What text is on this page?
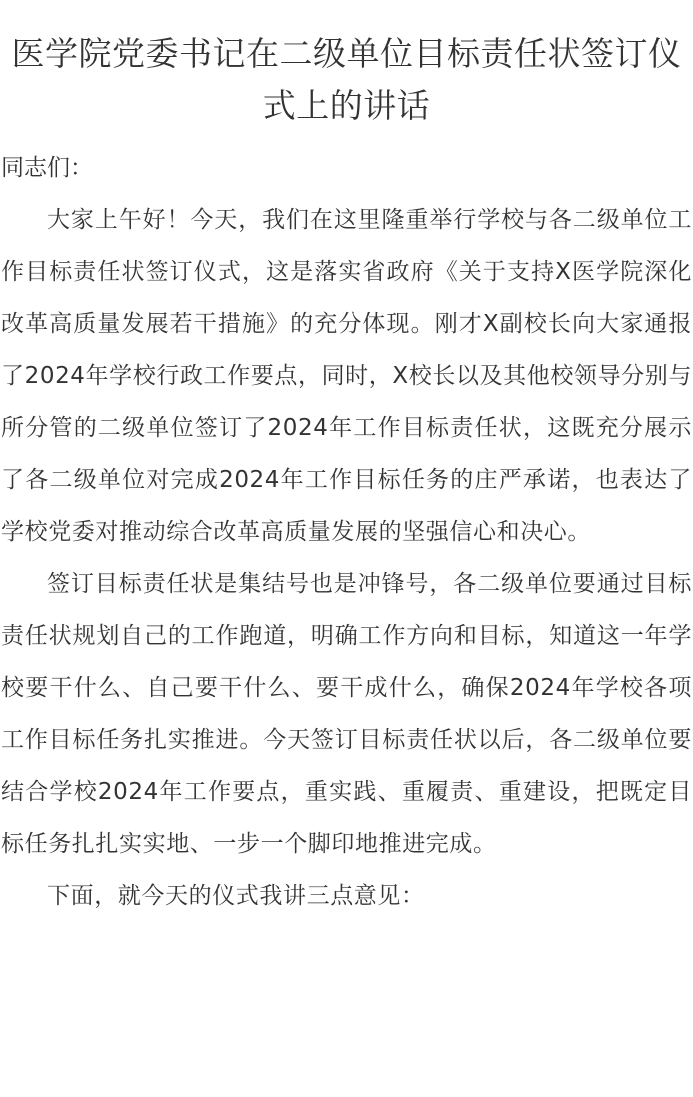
医学院党委书记在二级单位目标责任状签订仪式上的讲话

同志们：

大家上午好！今天，我们在这里隆重举行学校与各二级单位工作目标责任状签订仪式，这是落实省政府《关于支持X医学院深化改革高质量发展若干措施》的充分体现。刚才X副校长向大家通报了2024年学校行政工作要点，同时，X校长以及其他校领导分别与所分管的二级单位签订了2024年工作目标责任状，这既充分展示了各二级单位对完成2024年工作目标任务的庄严承诺，也表达了学校党委对推动综合改革高质量发展的坚强信心和决心。

签订目标责任状是集结号也是冲锋号，各二级单位要通过目标责任状规划自己的工作跑道，明确工作方向和目标，知道这一年学校要干什么、自己要干什么、要干成什么，确保2024年学校各项工作目标任务扎实推进。今天签订目标责任状以后，各二级单位要结合学校2024年工作要点，重实践、重履责、重建设，把既定目标任务扎扎实实地、一步一个脚印地推进完成。

下面，就今天的仪式我讲三点意见：
